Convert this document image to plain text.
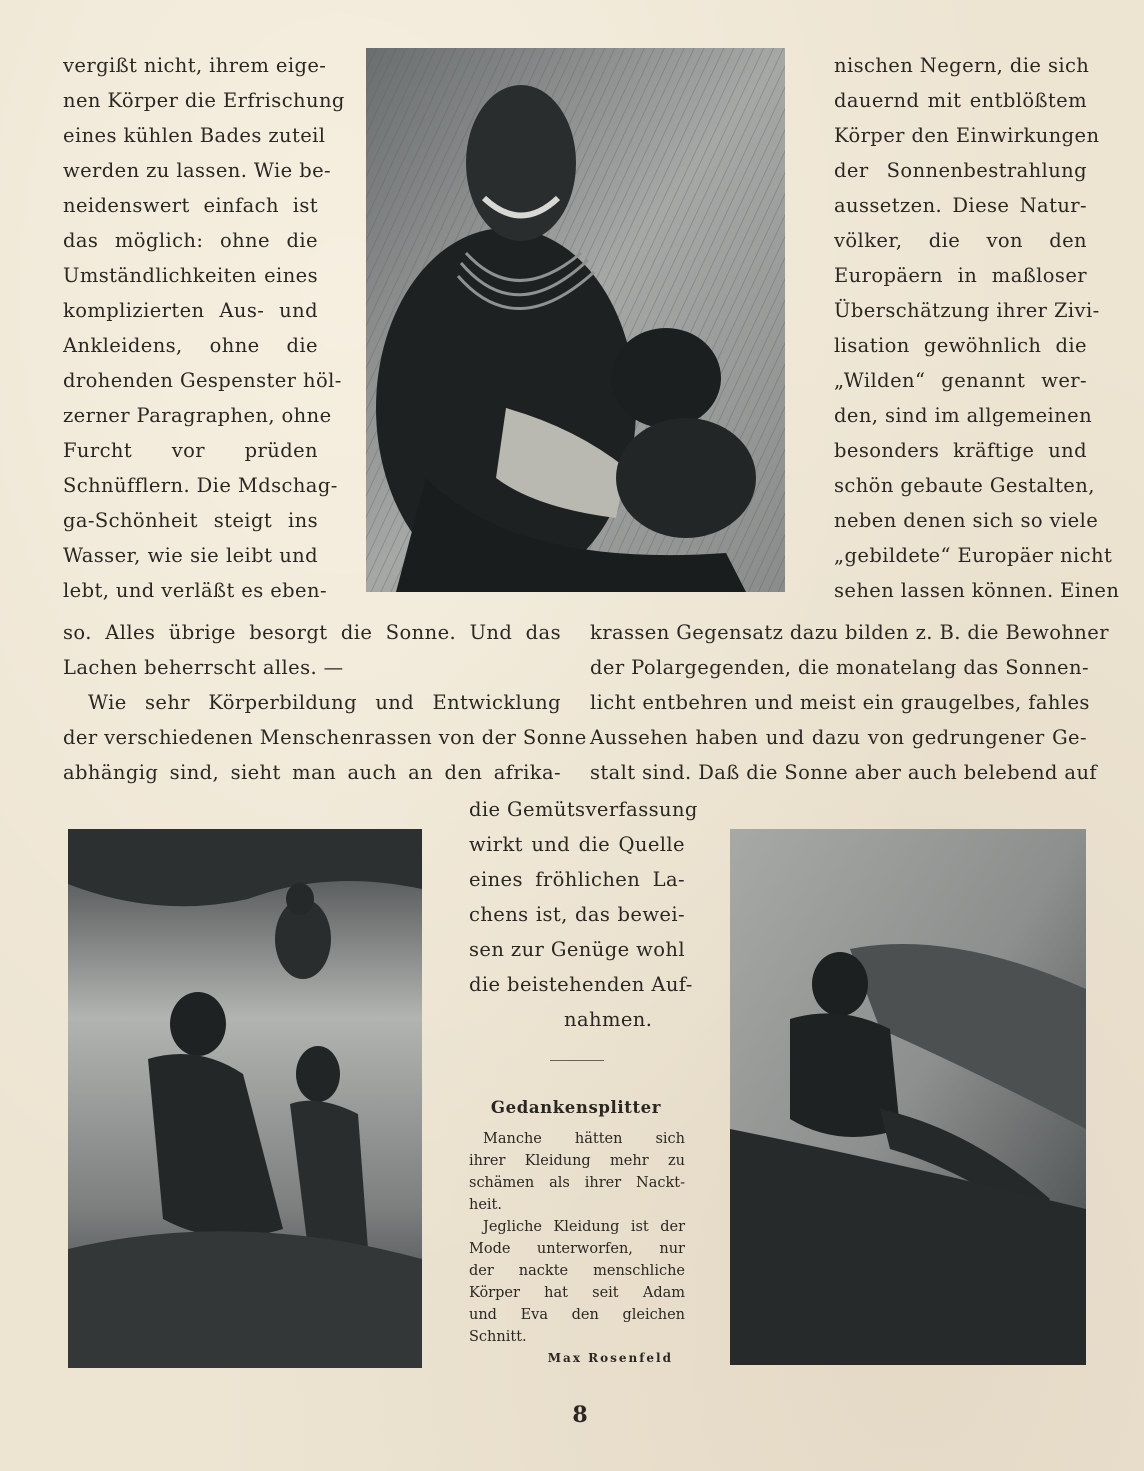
vergißt nicht, ihrem eige-
nen Körper die Erfrischung
eines kühlen Bades zuteil
werden zu lassen. Wie be-
neidenswert einfach ist
das möglich: ohne die
Umständlichkeiten eines
komplizierten Aus- und
Ankleidens, ohne die
drohenden Gespenster höl-
zerner Paragraphen, ohne
Furcht vor prüden
Schnüfflern. Die Mdschag-
ga-Schönheit steigt ins
Wasser, wie sie leibt und
lebt, und verläßt es eben-
nischen Negern, die sich
dauernd mit entblößtem
Körper den Einwirkungen
der Sonnenbestrahlung
aussetzen. Diese Natur-
völker, die von den
Europäern in maßloser
Überschätzung ihrer Zivi-
lisation gewöhnlich die
„Wilden“ genannt wer-
den, sind im allgemeinen
besonders kräftige und
schön gebaute Gestalten,
neben denen sich so viele
„gebildete“ Europäer nicht
sehen lassen können. Einen
so. Alles übrige besorgt die Sonne. Und das
Lachen beherrscht alles. —
Wie sehr Körperbildung und Entwicklung
der verschiedenen Menschenrassen von der Sonne
abhängig sind, sieht man auch an den afrika-
krassen Gegensatz dazu bilden z. B. die Bewohner
der Polargegenden, die monatelang das Sonnen-
licht entbehren und meist ein graugelbes, fahles
Aussehen haben und dazu von gedrungener Ge-
stalt sind. Daß die Sonne aber auch belebend auf
die Gemütsverfassung
wirkt und die Quelle
eines fröhlichen La-
chens ist, das bewei-
sen zur Genüge wohl
die beistehenden Auf-
nahmen.
Gedankensplitter
Manche hätten sich
ihrer Kleidung mehr zu
schämen als ihrer Nackt-
heit.
Jegliche Kleidung ist der
Mode unterworfen, nur
der nackte menschliche
Körper hat seit Adam
und Eva den gleichen
Schnitt.
Max Rosenfeld
8
